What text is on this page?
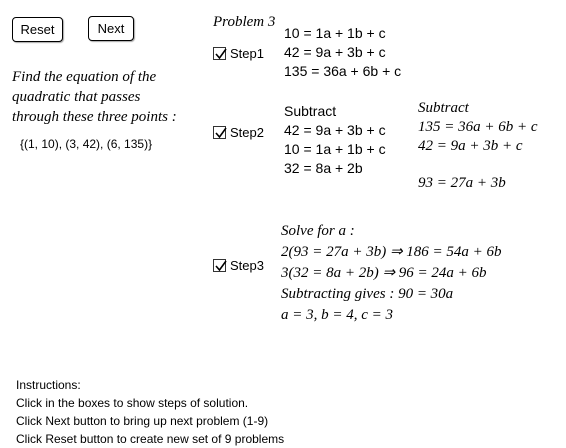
Reset	Next
Find the equation of the
quadratic that passes
through these three points :
{(1, 10), (3, 42), (6, 135)}
Problem 3
Step1
10 = 1a + 1b + c
42 = 9a + 3b + c
135 = 36a + 6b + c
Step2
Subtract
42 = 9a + 3b + c
10 = 1a + 1b + c
32 = 8a + 2b
Subtract
135 = 36a + 6b + c
42 = 9a + 3b + c
93 = 27a + 3b
Step3
Solve for a :
2(93 = 27a + 3b) ⇒ 186 = 54a + 6b
3(32 = 8a + 2b) ⇒ 96 = 24a + 6b
Subtracting gives : 90 = 30a
a = 3, b = 4, c = 3
Instructions:
Click in the boxes to show steps of solution.
Click Next button to bring up next problem (1-9)
Click Reset button to create new set of 9 problems
